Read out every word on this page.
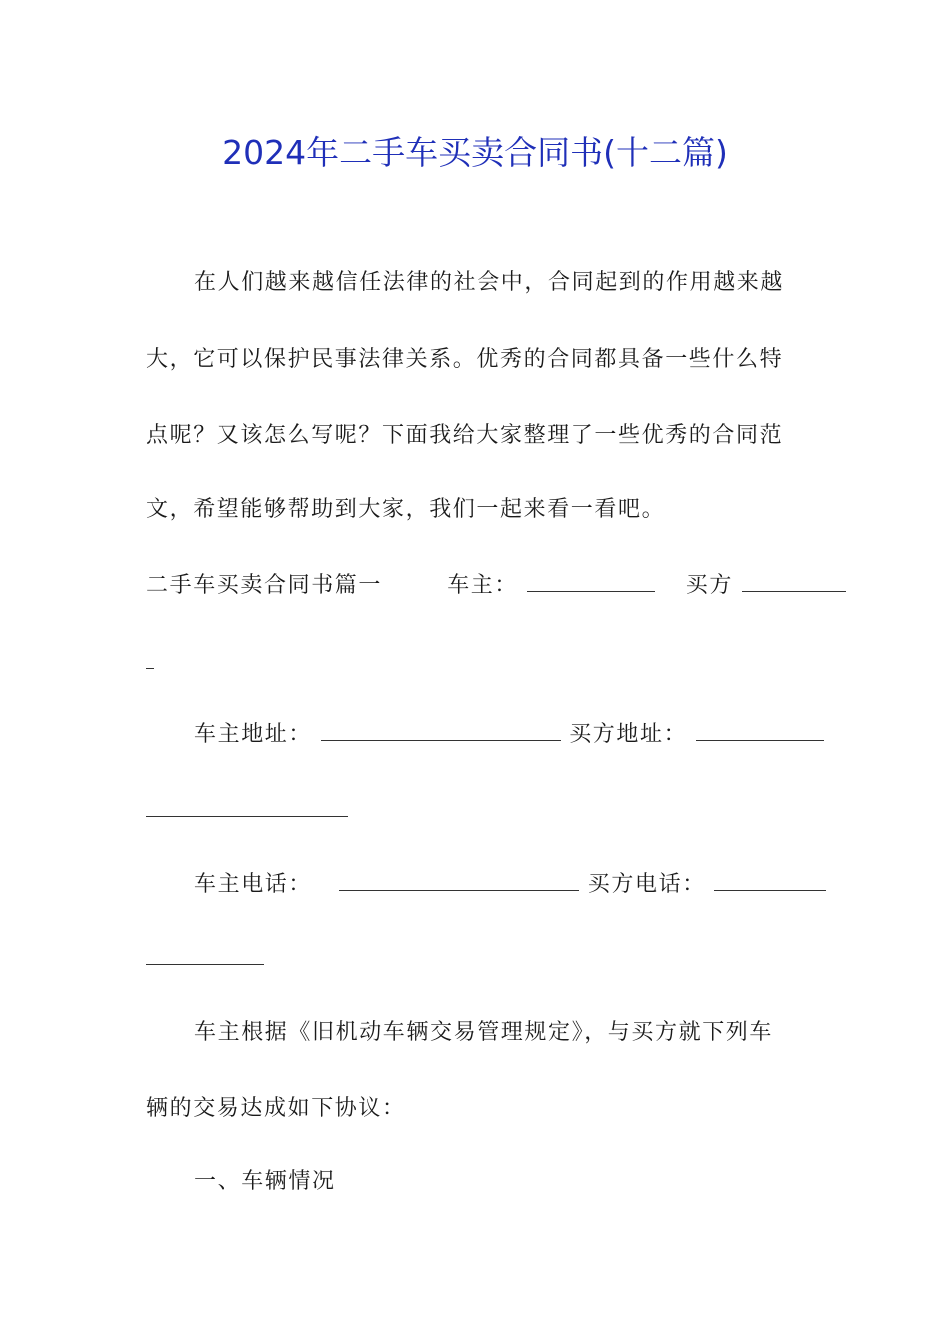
2024年二手车买卖合同书(十二篇)
在人们越来越信任法律的社会中，合同起到的作用越来越
大，它可以保护民事法律关系。优秀的合同都具备一些什么特
点呢？又该怎么写呢？下面我给大家整理了一些优秀的合同范
文，希望能够帮助到大家，我们一起来看一看吧。
二手车买卖合同书篇一	车主：	买方
车主地址：	买方地址：
车主电话：	买方电话：
车主根据《旧机动车辆交易管理规定》，与买方就下列车
辆的交易达成如下协议：
一、车辆情况
